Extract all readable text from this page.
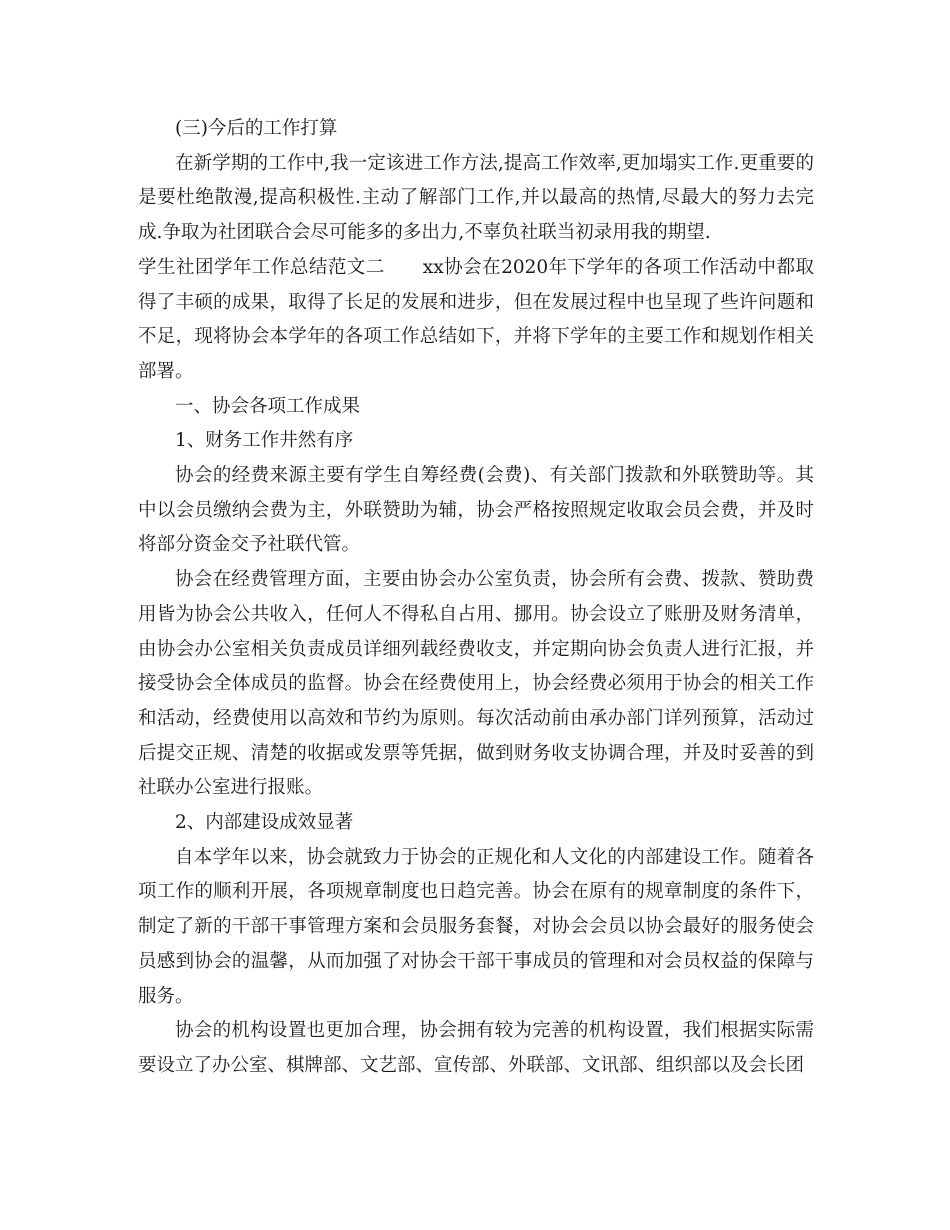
(三)今后的工作打算

在新学期的工作中,我一定该进工作方法,提高工作效率,更加塌实工作.更重要的是要杜绝散漫,提高积极性.主动了解部门工作,并以最高的热情,尽最大的努力去完成.争取为社团联合会尽可能多的多出力,不辜负社联当初录用我的期望.

学生社团学年工作总结范文二　　xx协会在2020年下学年的各项工作活动中都取得了丰硕的成果，取得了长足的发展和进步，但在发展过程中也呈现了些许问题和不足，现将协会本学年的各项工作总结如下，并将下学年的主要工作和规划作相关部署。

一、协会各项工作成果

1、财务工作井然有序

协会的经费来源主要有学生自筹经费(会费)、有关部门拨款和外联赞助等。其中以会员缴纳会费为主，外联赞助为辅，协会严格按照规定收取会员会费，并及时将部分资金交予社联代管。

协会在经费管理方面，主要由协会办公室负责，协会所有会费、拨款、赞助费用皆为协会公共收入，任何人不得私自占用、挪用。协会设立了账册及财务清单，由协会办公室相关负责成员详细列载经费收支，并定期向协会负责人进行汇报，并接受协会全体成员的监督。协会在经费使用上，协会经费必须用于协会的相关工作和活动，经费使用以高效和节约为原则。每次活动前由承办部门详列预算，活动过后提交正规、清楚的收据或发票等凭据，做到财务收支协调合理，并及时妥善的到社联办公室进行报账。

2、内部建设成效显著

自本学年以来，协会就致力于协会的正规化和人文化的内部建设工作。随着各项工作的顺利开展，各项规章制度也日趋完善。协会在原有的规章制度的条件下，制定了新的干部干事管理方案和会员服务套餐，对协会会员以协会最好的服务使会员感到协会的温馨，从而加强了对协会干部干事成员的管理和对会员权益的保障与服务。

协会的机构设置也更加合理，协会拥有较为完善的机构设置，我们根据实际需要设立了办公室、棋牌部、文艺部、宣传部、外联部、文讯部、组织部以及会长团
